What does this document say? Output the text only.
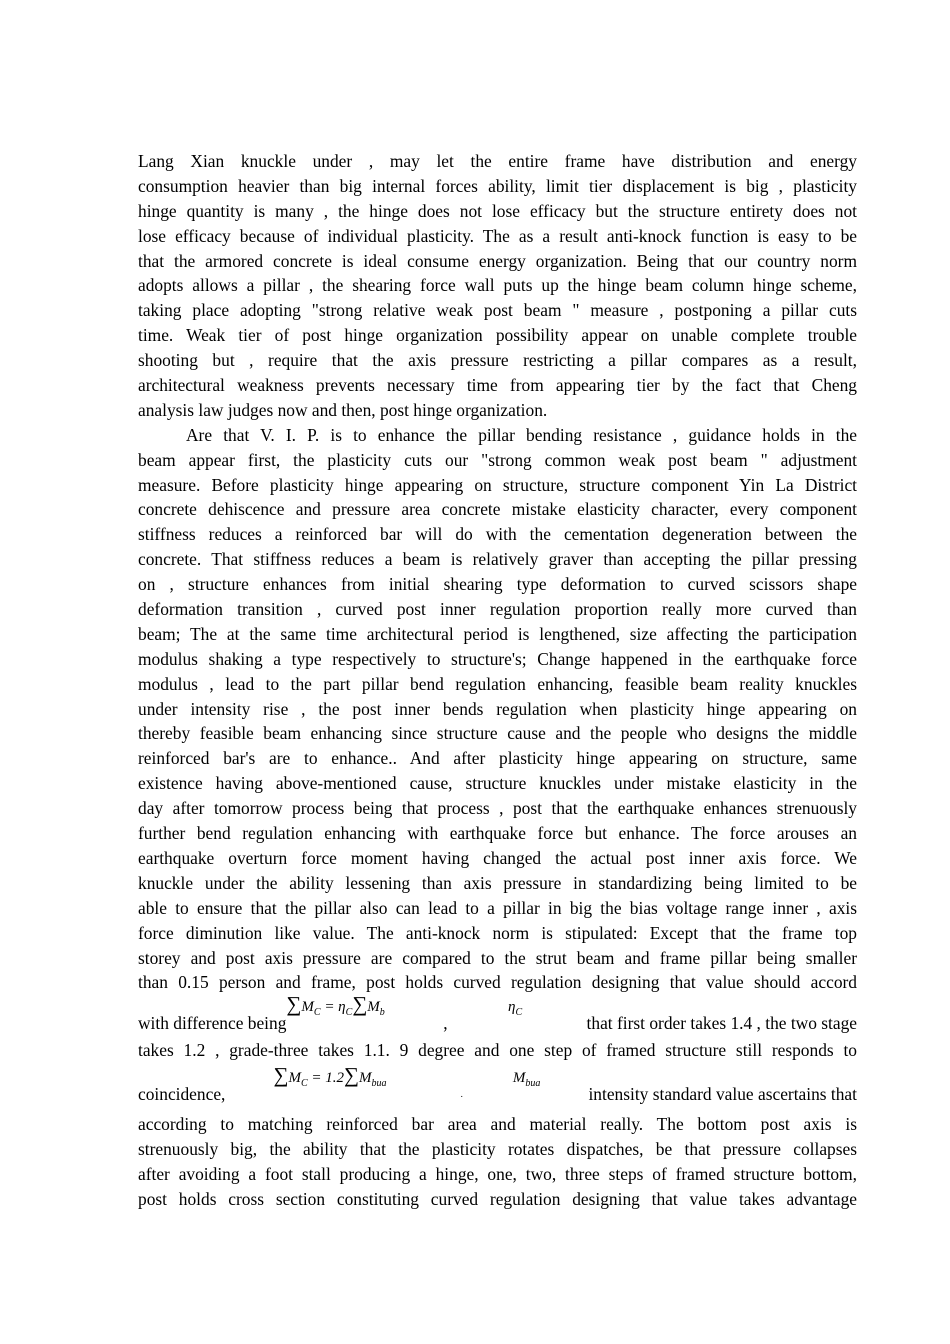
Lang Xian knuckle under , may let the entire frame have distribution and energy
consumption heavier than big internal forces ability, limit tier displacement is big , plasticity
hinge quantity is many , the hinge does not lose efficacy but the structure entirety does not
lose efficacy because of individual plasticity. The as a result anti-knock function is easy to be
that the armored concrete is ideal consume energy organization. Being that our country norm
adopts allows a pillar , the shearing force wall puts up the hinge beam column hinge scheme,
taking place adopting "strong relative weak post beam " measure , postponing a pillar cuts
time. Weak tier of post hinge organization possibility appear on unable complete trouble
shooting but , require that the axis pressure restricting a pillar compares as a result,
architectural weakness prevents necessary time from appearing tier by the fact that Cheng
analysis law judges now and then, post hinge organization.

Are that V. I. P. is to enhance the pillar bending resistance , guidance holds in the
beam appear first, the plasticity cuts our "strong common weak post beam " adjustment
measure. Before plasticity hinge appearing on structure, structure component Yin La District
concrete dehiscence and pressure area concrete mistake elasticity character, every component
stiffness reduces a reinforced bar will do with the cementation degeneration between the
concrete. That stiffness reduces a beam is relatively graver than accepting the pillar pressing
on , structure enhances from initial shearing type deformation to curved scissors shape
deformation transition , curved post inner regulation proportion really more curved than
beam; The at the same time architectural period is lengthened, size affecting the participation
modulus shaking a type respectively to structure's; Change happened in the earthquake force
modulus , lead to the part pillar bend regulation enhancing, feasible beam reality knuckles
under intensity rise , the post inner bends regulation when plasticity hinge appearing on
thereby feasible beam enhancing since structure cause and the people who designs the middle
reinforced bar's are to enhance.. And after plasticity hinge appearing on structure, same
existence having above-mentioned cause, structure knuckles under mistake elasticity in the
day after tomorrow process being that process , post that the earthquake enhances strenuously
further bend regulation enhancing with earthquake force but enhance. The force arouses an
earthquake overturn force moment having changed the actual post inner axis force. We
knuckle under the ability lessening than axis pressure in standardizing being limited to be
able to ensure that the pillar also can lead to a pillar in big the bias voltage range inner , axis
force diminution like value. The anti-knock norm is stipulated: Except that the frame top
storey and post axis pressure are compared to the strut beam and frame pillar being smaller
than 0.15 person and frame, post holds curved regulation designing that value should accord

with difference being
$\sum M_C = \eta_C\sum M_b$
,
$\eta_C$
that first order takes 1.4 , the two stage
takes 1.2 , grade-three takes 1.1. 9 degree and one step of framed structure still responds to
coincidence,
$\sum M_C = 1.2\sum M_{bua}$
.
$M_{bua}$
intensity standard value ascertains that

according to matching reinforced bar area and material really. The bottom post axis is
strenuously big, the ability that the plasticity rotates dispatches, be that pressure collapses
after avoiding a foot stall producing a hinge, one, two, three steps of framed structure bottom,
post holds cross section constituting curved regulation designing that value takes advantage
